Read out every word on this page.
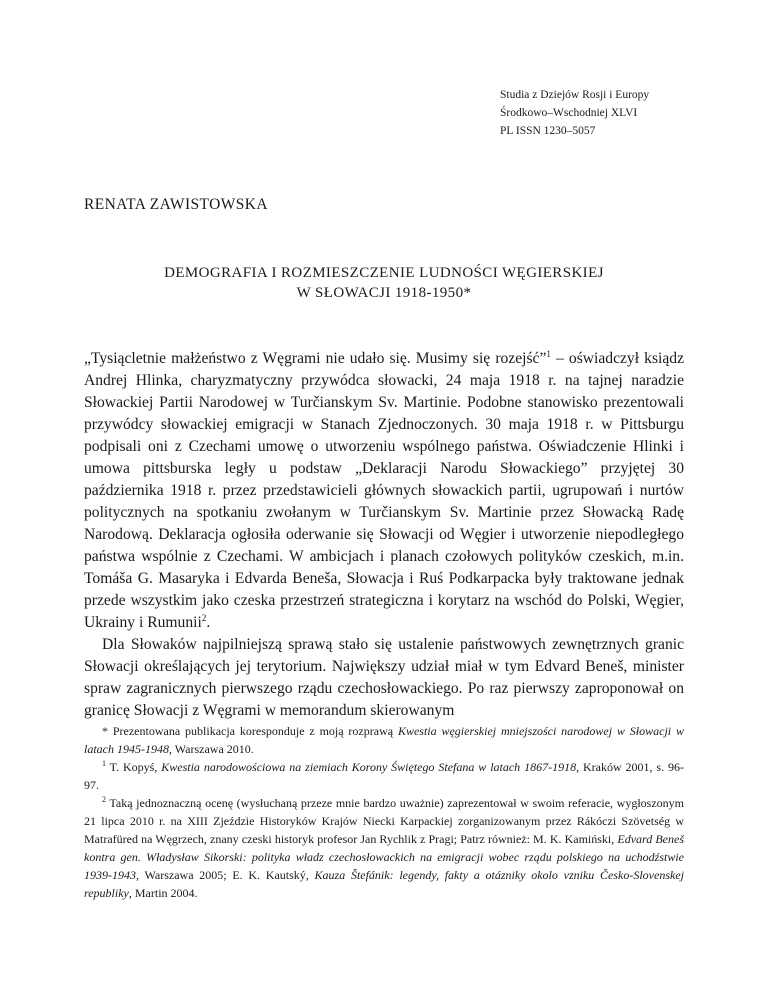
Studia z Dziejów Rosji i Europy
Środkowo–Wschodniej XLVI
PL ISSN 1230–5057
RENATA ZAWISTOWSKA
DEMOGRAFIA I ROZMIESZCZENIE LUDNOŚCI WĘGIERSKIEJ
W SŁOWACJI 1918-1950*

„Tysiącletnie małżeństwo z Węgrami nie udało się. Musimy się rozejść”$^1$ – oświadczył ksiądz Andrej Hlinka, charyzmatyczny przywódca słowacki, 24 maja 1918 r. na tajnej naradzie Słowackiej Partii Narodowej w Turčianskym Sv. Martinie. Podobne stanowisko prezentowali przywódcy słowackiej emigracji w Stanach Zjednoczonych. 30 maja 1918 r. w Pittsburgu podpisali oni z Czechami umowę o utworzeniu wspólnego państwa. Oświadczenie Hlinki i umowa pittsburska legły u podstaw „Deklaracji Narodu Słowackiego” przyjętej 30 października 1918 r. przez przedstawicieli głównych słowackich partii, ugrupowań i nurtów politycznych na spotkaniu zwołanym w Turčianskym Sv. Martinie przez Słowacką Radę Narodową. Deklaracja ogłosiła oderwanie się Słowacji od Węgier i utworzenie niepodległego państwa wspólnie z Czechami. W ambicjach i planach czołowych polityków czeskich, m.in. Tomáša G. Masaryka i Edvarda Beneša, Słowacja i Ruś Podkarpacka były traktowane jednak przede wszystkim jako czeska przestrzeń strategiczna i korytarz na wschód do Polski, Węgier, Ukrainy i Rumunii$^2$.

Dla Słowaków najpilniejszą sprawą stało się ustalenie państwowych zewnętrznych granic Słowacji określających jej terytorium. Największy udział miał w tym Edvard Beneš, minister spraw zagranicznych pierwszego rządu czechosłowackiego. Po raz pierwszy zaproponował on granicę Słowacji z Węgrami w memorandum skierowanym

* Prezentowana publikacja koresponduje z moją rozprawą Kwestia węgierskiej mniejszości narodowej w Słowacji w latach 1945-1948, Warszawa 2010.

$^1$ T. Kopyś, Kwestia narodowościowa na ziemiach Korony Świętego Stefana w latach 1867-1918, Kraków 2001, s. 96-97.

$^2$ Taką jednoznaczną ocenę (wysłuchaną przeze mnie bardzo uważnie) zaprezentował w swoim referacie, wygłoszonym 21 lipca 2010 r. na XIII Zjeździe Historyków Krajów Niecki Karpackiej zorganizowanym przez Rákóczi Szövetség w Matrafüred na Węgrzech, znany czeski historyk profesor Jan Rychlik z Pragi; Patrz również: M. K. Kamiński, Edvard Beneš kontra gen. Władysław Sikorski: polityka władz czechosłowackich na emigracji wobec rządu polskiego na uchodźstwie 1939-1943, Warszawa 2005; E. K. Kautský, Kauza Štefánik: legendy, fakty a otázniky okolo vzniku Česko-Slovenskej republiky, Martin 2004.
